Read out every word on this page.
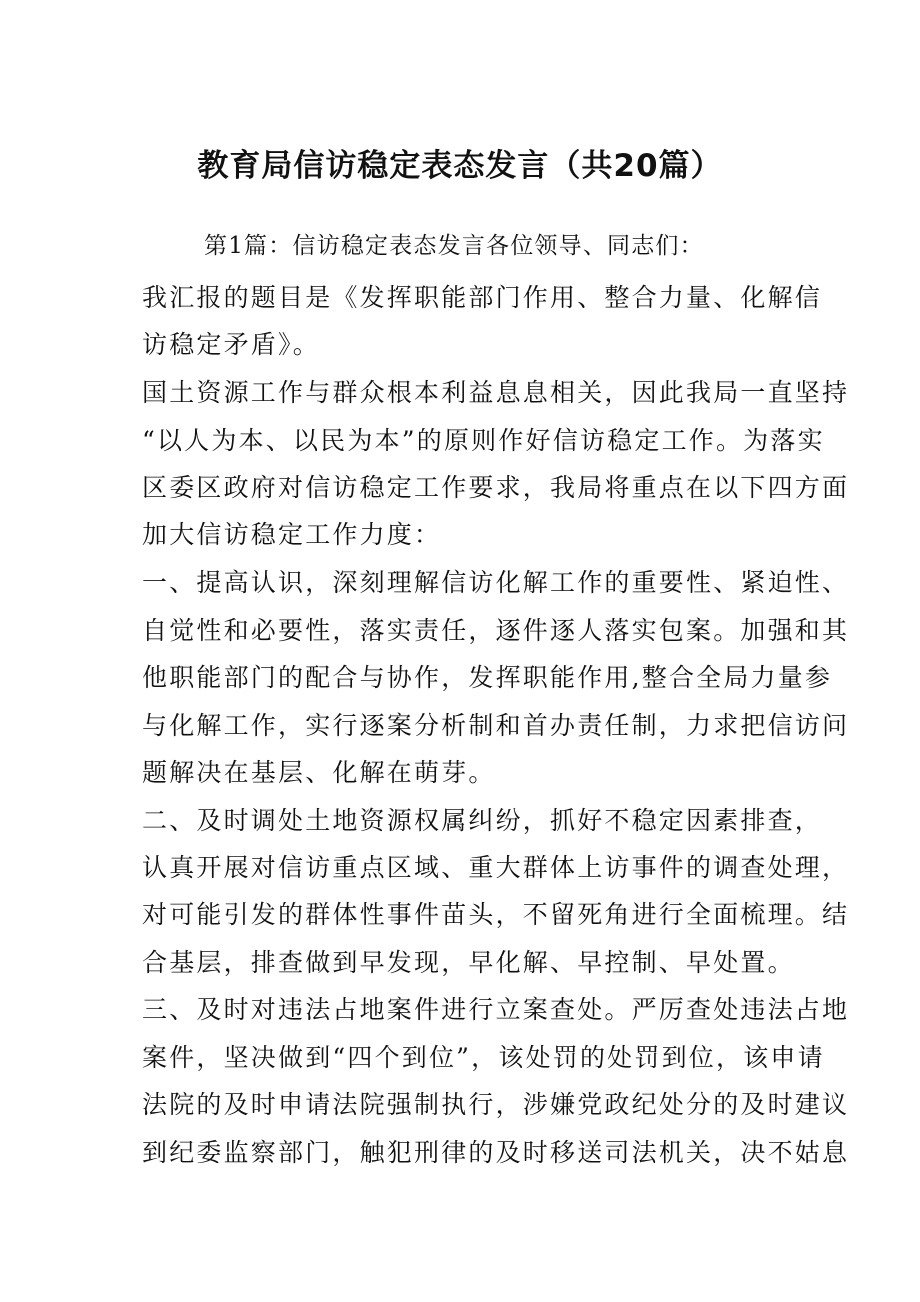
教育局信访稳定表态发言（共20篇）

第1篇：信访稳定表态发言各位领导、同志们：

我汇报的题目是《发挥职能部门作用、整合力量、化解信

访稳定矛盾》。

国土资源工作与群众根本利益息息相关，因此我局一直坚持

“以人为本、以民为本”的原则作好信访稳定工作。为落实

区委区政府对信访稳定工作要求，我局将重点在以下四方面

加大信访稳定工作力度：

一、提高认识，深刻理解信访化解工作的重要性、紧迫性、

自觉性和必要性，落实责任，逐件逐人落实包案。加强和其

他职能部门的配合与协作，发挥职能作用,整合全局力量参

与化解工作，实行逐案分析制和首办责任制，力求把信访问

题解决在基层、化解在萌芽。

二、及时调处土地资源权属纠纷，抓好不稳定因素排查，

认真开展对信访重点区域、重大群体上访事件的调查处理，

对可能引发的群体性事件苗头，不留死角进行全面梳理。结

合基层，排查做到早发现，早化解、早控制、早处置。

三、及时对违法占地案件进行立案查处。严厉查处违法占地

案件，坚决做到“四个到位”，该处罚的处罚到位，该申请

法院的及时申请法院强制执行，涉嫌党政纪处分的及时建议

到纪委监察部门，触犯刑律的及时移送司法机关，决不姑息
